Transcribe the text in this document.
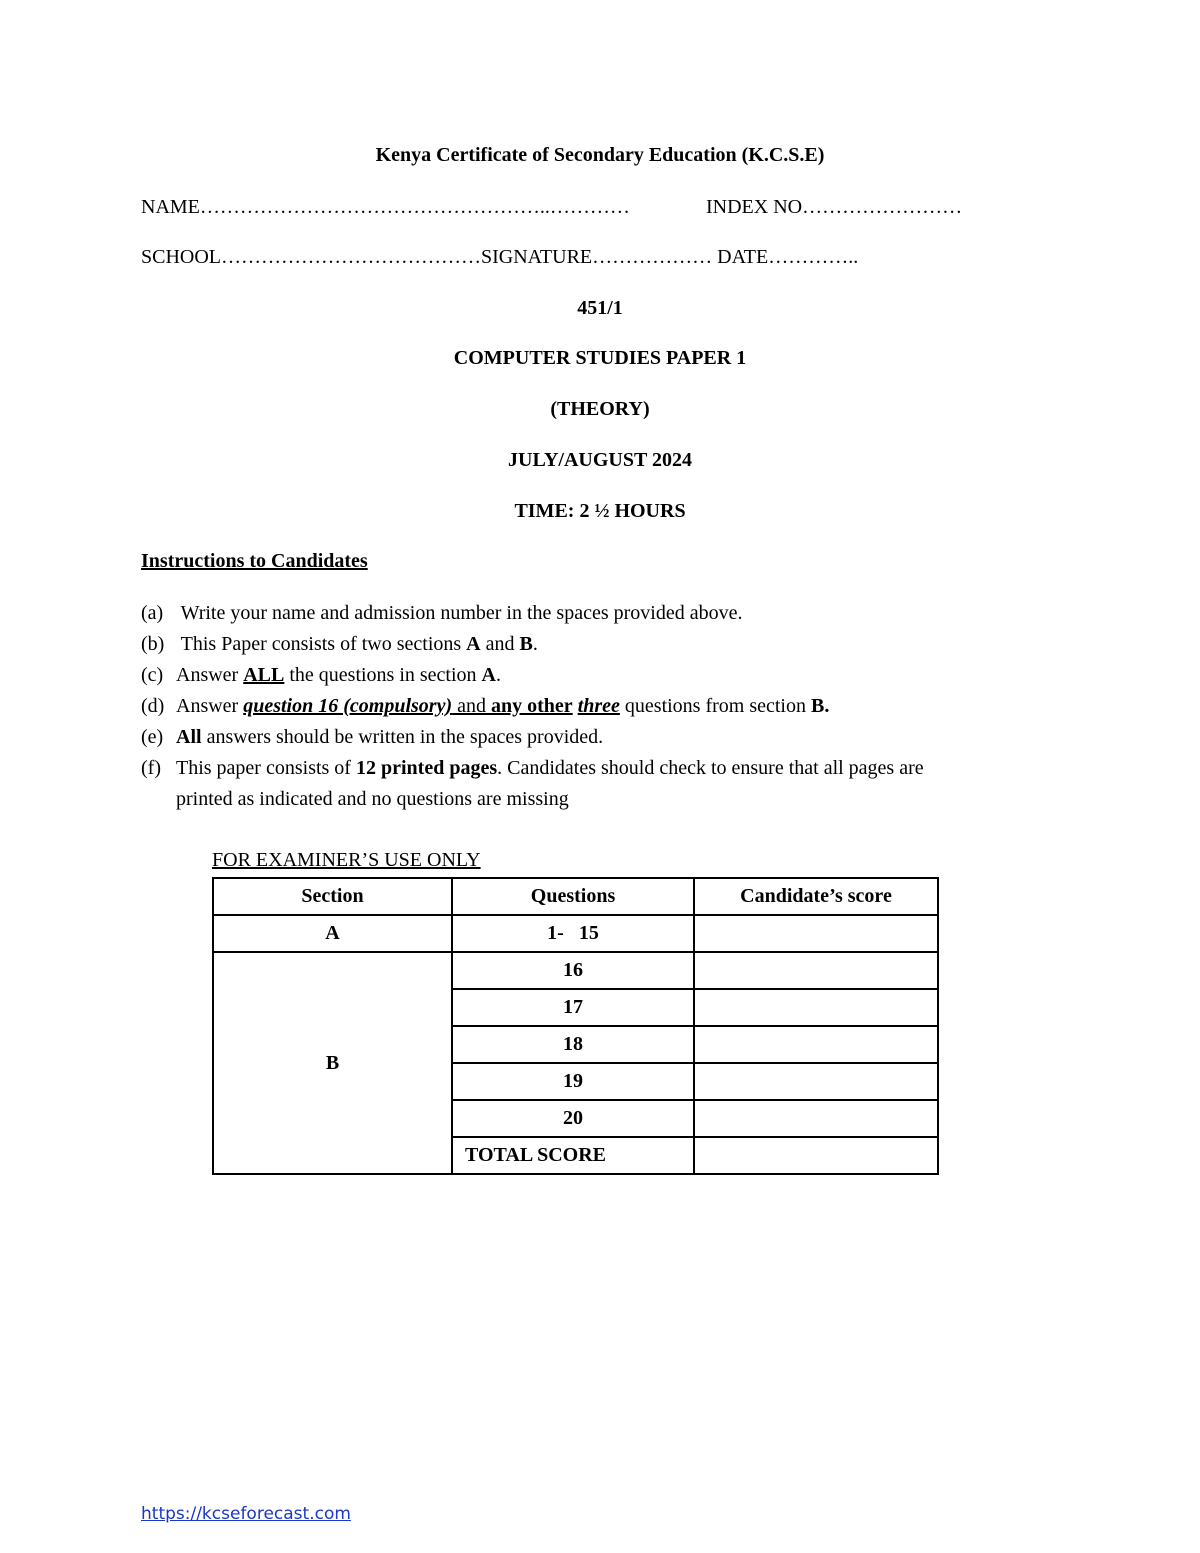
Kenya Certificate of Secondary Education (K.C.S.E)
NAME……………………………………………..…………	INDEX NO……………………
SCHOOL…………………………………SIGNATURE……………… DATE…………..
451/1
COMPUTER STUDIES PAPER 1
(THEORY)
JULY/AUGUST 2024
TIME: 2 ½ HOURS
Instructions to Candidates
(a) Write your name and admission number in the spaces provided above.
(b) This Paper consists of two sections A and B.
(c) Answer ALL the questions in section A.
(d) Answer question 16 (compulsory) and any other three questions from section B.
(e) All answers should be written in the spaces provided.
(f) This paper consists of 12 printed pages. Candidates should check to ensure that all pages are
printed as indicated and no questions are missing
FOR EXAMINER’S USE ONLY
Section	Questions	Candidate’s score
A	1-   15	
B	16	
	17	
	18	
	19	
	20	
	TOTAL SCORE	
https://kcseforecast.com
